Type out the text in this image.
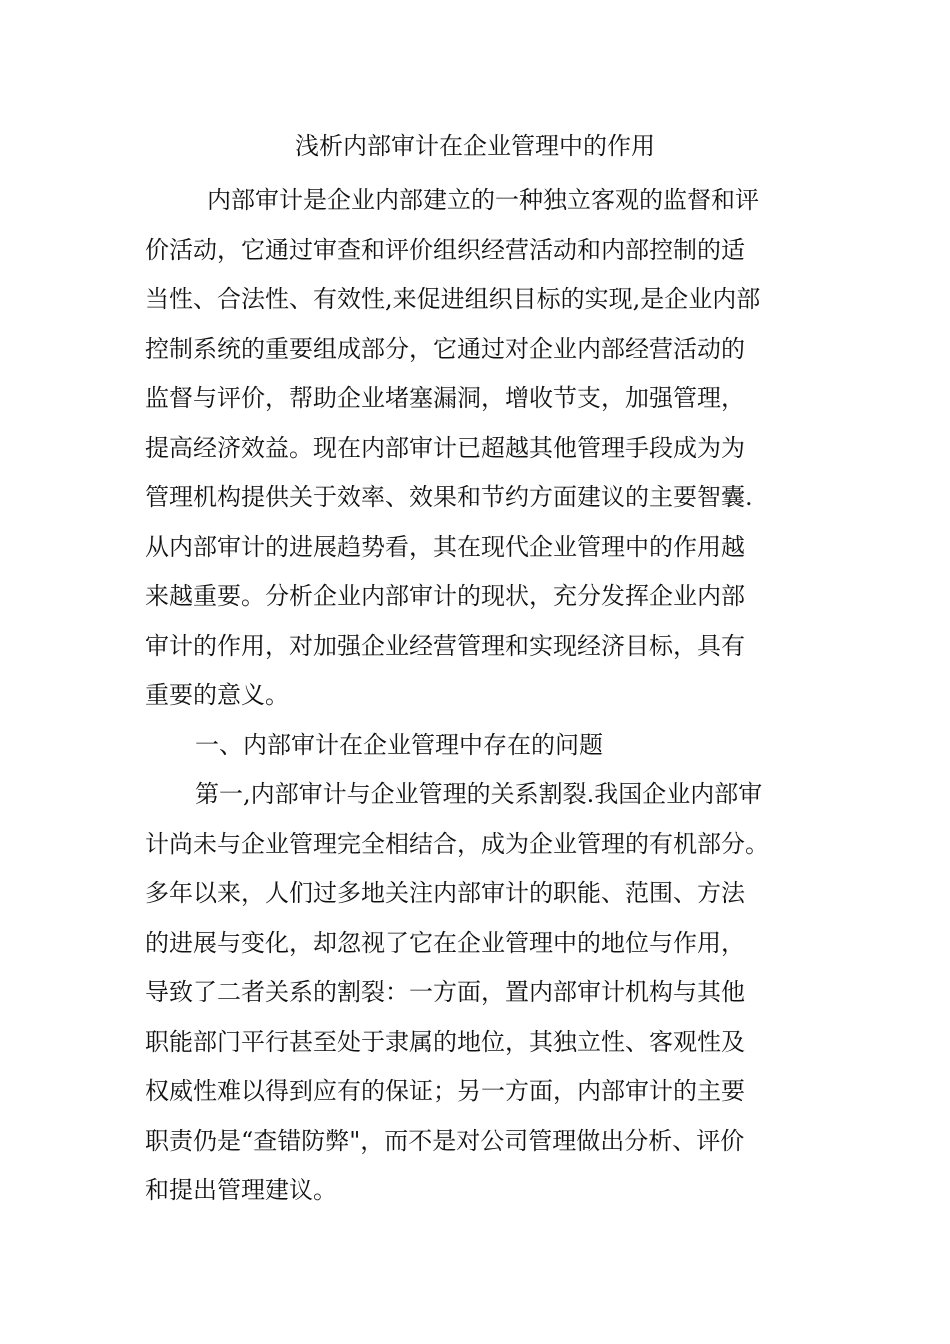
浅析内部审计在企业管理中的作用
内部审计是企业内部建立的一种独立客观的监督和评
价活动，它通过审查和评价组织经营活动和内部控制的适
当性、合法性、有效性,来促进组织目标的实现,是企业内部
控制系统的重要组成部分，它通过对企业内部经营活动的
监督与评价，帮助企业堵塞漏洞，增收节支，加强管理，
提高经济效益。现在内部审计已超越其他管理手段成为为
管理机构提供关于效率、效果和节约方面建议的主要智囊.
从内部审计的进展趋势看，其在现代企业管理中的作用越
来越重要。分析企业内部审计的现状，充分发挥企业内部
审计的作用，对加强企业经营管理和实现经济目标，具有
重要的意义。
一、内部审计在企业管理中存在的问题
第一,内部审计与企业管理的关系割裂.我国企业内部审
计尚未与企业管理完全相结合，成为企业管理的有机部分。
多年以来，人们过多地关注内部审计的职能、范围、方法
的进展与变化，却忽视了它在企业管理中的地位与作用，
导致了二者关系的割裂：一方面，置内部审计机构与其他
职能部门平行甚至处于隶属的地位，其独立性、客观性及
权威性难以得到应有的保证；另一方面，内部审计的主要
职责仍是“查错防弊"，而不是对公司管理做出分析、评价
和提出管理建议。
